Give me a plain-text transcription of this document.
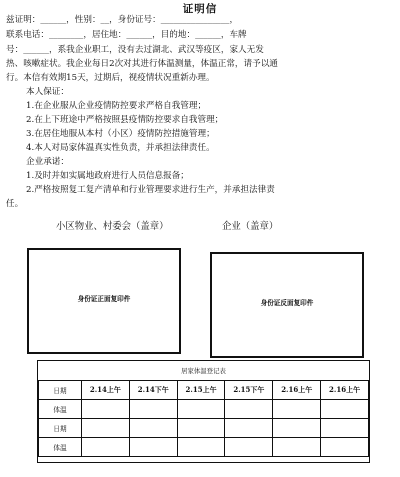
证明信
兹证明：______，性别：__，身份证号：________________，
联系电话：________，居住地：______，目的地：______，车牌
号：______，系我企业职工，没有去过湖北、武汉等疫区，家人无发
热、咳嗽症状。我企业每日2次对其进行体温测量，体温正常，请予以通
行。本信有效期15天，过期后，视疫情状况重新办理。
本人保证：
1.在企业服从企业疫情防控要求严格自我管理；
2.在上下班途中严格按照县疫情防控要求自我管理；
3.在居住地服从本村（小区）疫情防控措施管理；
4.本人对局家体温真实性负责，并承担法律责任。
企业承诺：
1.及时并如实属地政府进行人员信息报备；
2.严格按照复工复产清单和行业管理要求进行生产，并承担法律责
任。
小区物业、村委会（盖章）	企业（盖章）
身份证正面复印件	身份证反面复印件
居家体温登记表
日期	2.14上午	2.14下午	2.15上午	2.15下午	2.16上午	2.16上午
体温						
日期						
体温						
